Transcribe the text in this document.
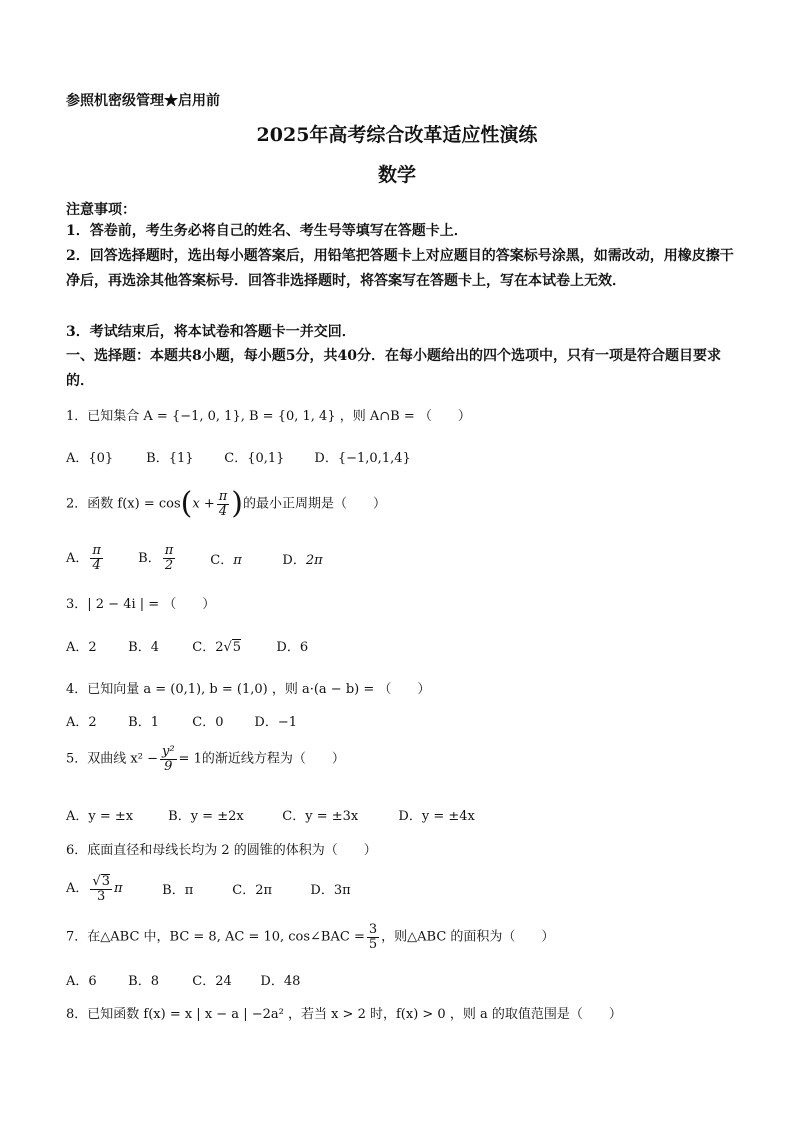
参照机密级管理★启用前
2025年高考综合改革适应性演练
数学
注意事项：
1．答卷前，考生务必将自己的姓名、考生号等填写在答题卡上．
2．回答选择题时，选出每小题答案后，用铅笔把答题卡上对应题目的答案标号涂黑，如需改动，用橡皮擦干净后，再选涂其他答案标号．回答非选择题时，将答案写在答题卡上，写在本试卷上无效．
3．考试结束后，将本试卷和答题卡一并交回．
一、选择题：本题共8小题，每小题5分，共40分．在每小题给出的四个选项中，只有一项是符合题目要求的．
1．已知集合 A = {−1, 0, 1}, B = {0, 1, 4} ，则 A∩B = （　　）
A．{0}	B．{1} C．{0,1} D．{−1,0,1,4}
2．函数 $f(x) = \cos(x + \frac{\pi}{4}$ )的最小正周期是（　　）
A． $\frac{\pi}{4}$	B． $\frac{\pi}{2}$	C．π	D．2π
3．| 2 − 4i | = （　　）
A．2 B．4	C．2√5	D．6
4．已知向量 a = (0,1), b = (1,0) ，则 a·(a − b) = （　　）
A．2 B．1	C．0 D．−1
5．双曲线 $x^2 - \frac{\text{y²}}{9} = 1$的渐近线方程为（　　）
A．y = ±x	B．y = ±2x	C．y = ±3x	D．y = ±4x
6．底面直径和母线长均为 2 的圆锥的体积为（　　）
A． $\frac{√3}{3}$ π	B．π	C．2π	D．3π
7．在△ABC 中，BC = 8, AC = 10, cos∠BAC = $\frac{3}{5}$ ，则△ABC 的面积为（　　）
A．6 B．8	C．24 D．48
8．已知函数 f(x) = x | x − a | −2a² ，若当 x > 2 时，f(x) > 0 ，则 a 的取值范围是（　　）
